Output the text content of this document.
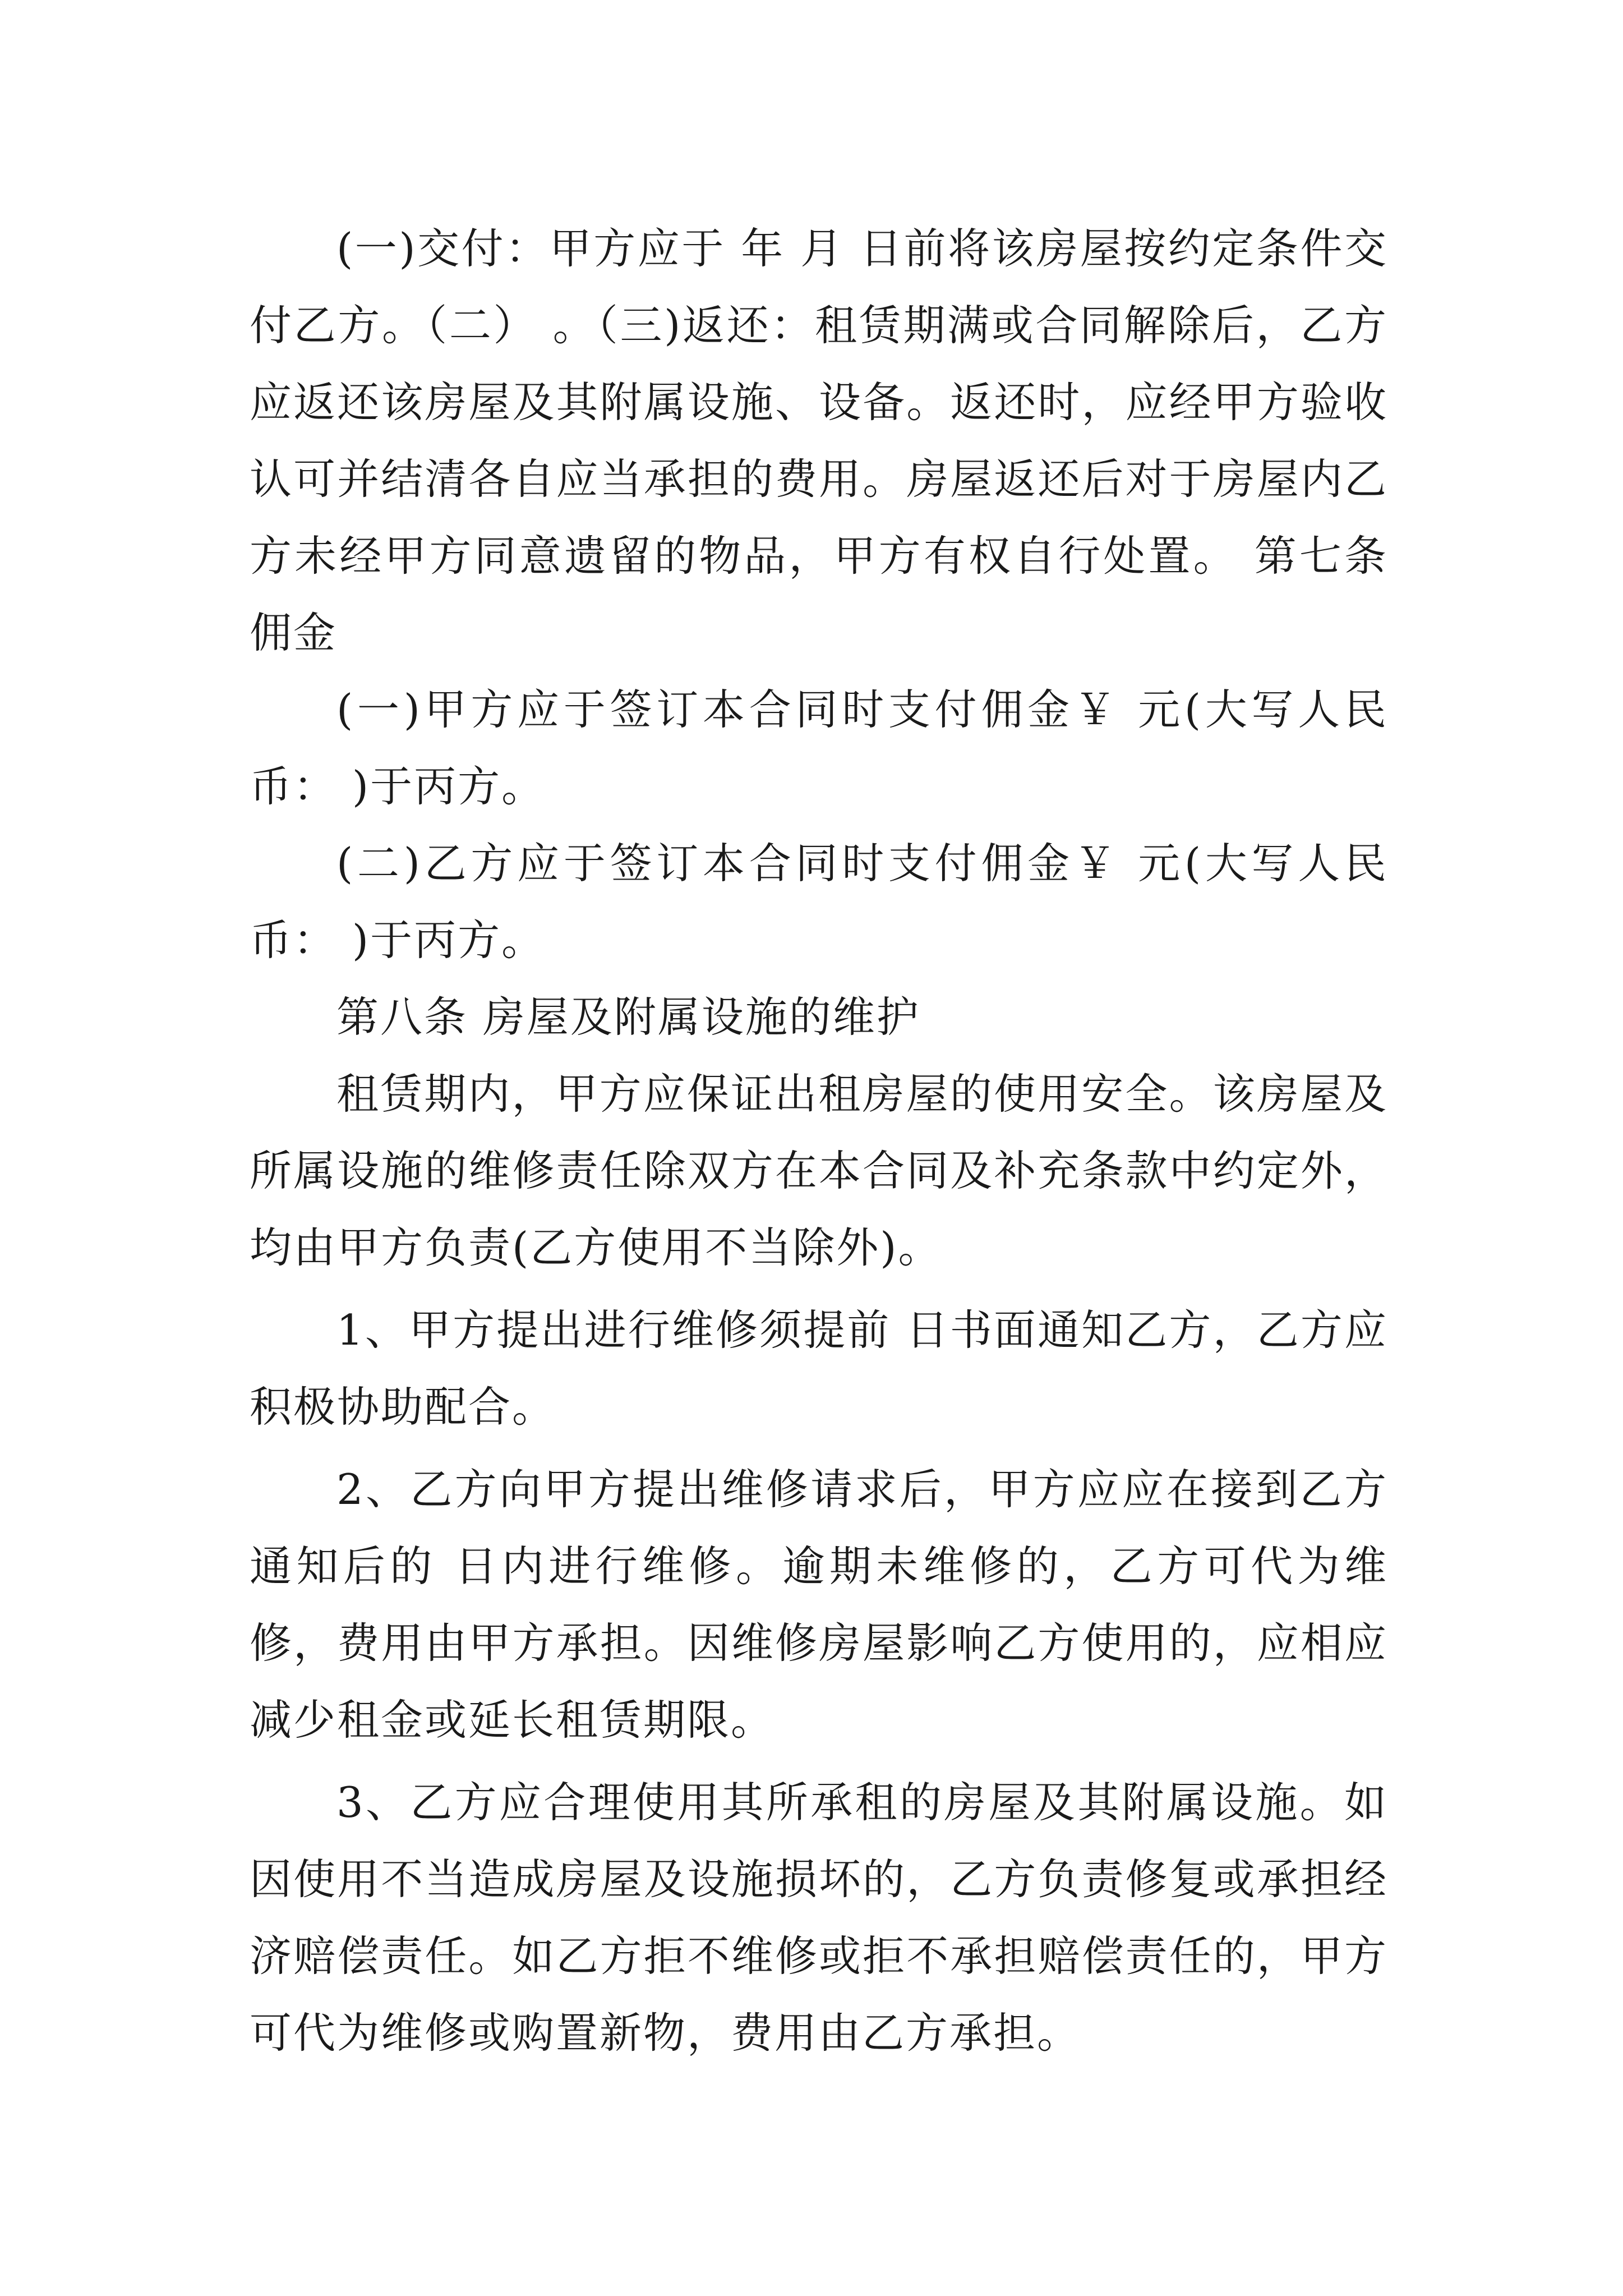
(一)交付：甲方应于 年 月 日前将该房屋按约定条件交付乙方。（二） 。（三)返还：租赁期满或合同解除后，乙方应返还该房屋及其附属设施、设备。返还时，应经甲方验收认可并结清各自应当承担的费用。房屋返还后对于房屋内乙方未经甲方同意遗留的物品，甲方有权自行处置。 第七条 佣金

(一)甲方应于签订本合同时支付佣金￥ 元(大写人民币： )于丙方。

(二)乙方应于签订本合同时支付佣金￥ 元(大写人民币： )于丙方。

第八条 房屋及附属设施的维护

租赁期内，甲方应保证出租房屋的使用安全。该房屋及所属设施的维修责任除双方在本合同及补充条款中约定外，均由甲方负责(乙方使用不当除外)。

1、甲方提出进行维修须提前 日书面通知乙方，乙方应积极协助配合。

2、乙方向甲方提出维修请求后，甲方应应在接到乙方通知后的 日内进行维修。逾期未维修的，乙方可代为维修，费用由甲方承担。因维修房屋影响乙方使用的，应相应减少租金或延长租赁期限。

3、乙方应合理使用其所承租的房屋及其附属设施。如因使用不当造成房屋及设施损坏的，乙方负责修复或承担经济赔偿责任。如乙方拒不维修或拒不承担赔偿责任的，甲方可代为维修或购置新物，费用由乙方承担。
